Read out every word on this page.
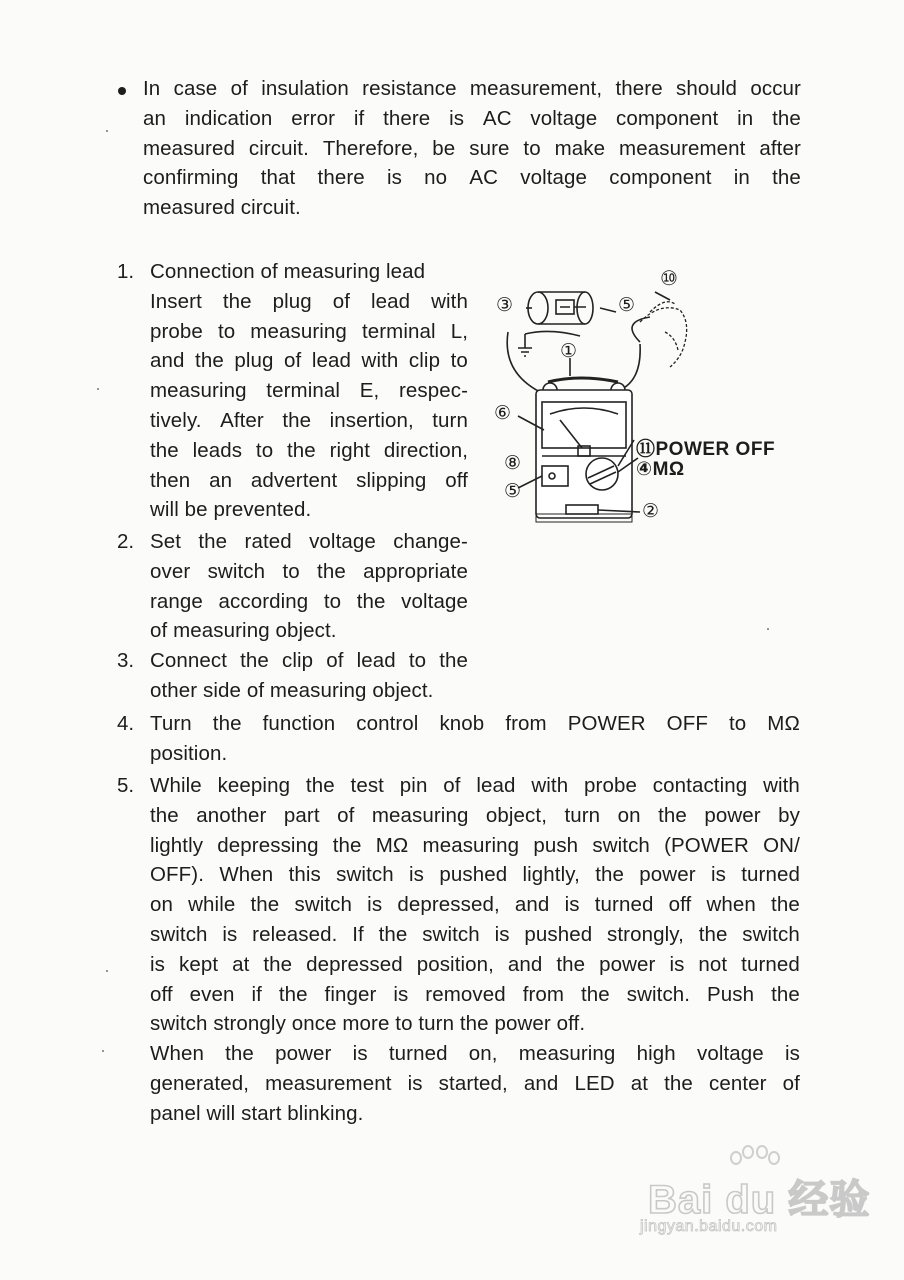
In case of insulation resistance measurement, there should occur
an indication error if there is AC voltage component in the
measured circuit. Therefore, be sure to make measurement after
confirming that there is no AC voltage component in the
measured circuit.
1. Connection of measuring lead
Insert the plug of lead with
probe to measuring terminal L,
and the plug of lead with clip to
measuring terminal E, respec-
tively. After the insertion, turn
the leads to the right direction,
then an advertent slipping off
will be prevented.
2. Set the rated voltage change-
over switch to the appropriate
range according to the voltage
of measuring object.
3. Connect the clip of lead to the
other side of measuring object.
4. Turn the function control knob from POWER OFF to MΩ
position.
5. While keeping the test pin of lead with probe contacting with
the another part of measuring object, turn on the power by
lightly depressing the MΩ measuring push switch (POWER ON/
OFF). When this switch is pushed lightly, the power is turned
on while the switch is depressed, and is turned off when the
switch is released. If the switch is pushed strongly, the switch
is kept at the depressed position, and the power is not turned
off even if the finger is removed from the switch. Push the
switch strongly once more to turn the power off.
When the power is turned on, measuring high voltage is
generated, measurement is started, and LED at the center of
panel will start blinking.
⑩
③	⑤
①
⑥
⑧
⑤
②
⑪POWER OFF
④MΩ
Bai du 经验
jingyan.baidu.com
